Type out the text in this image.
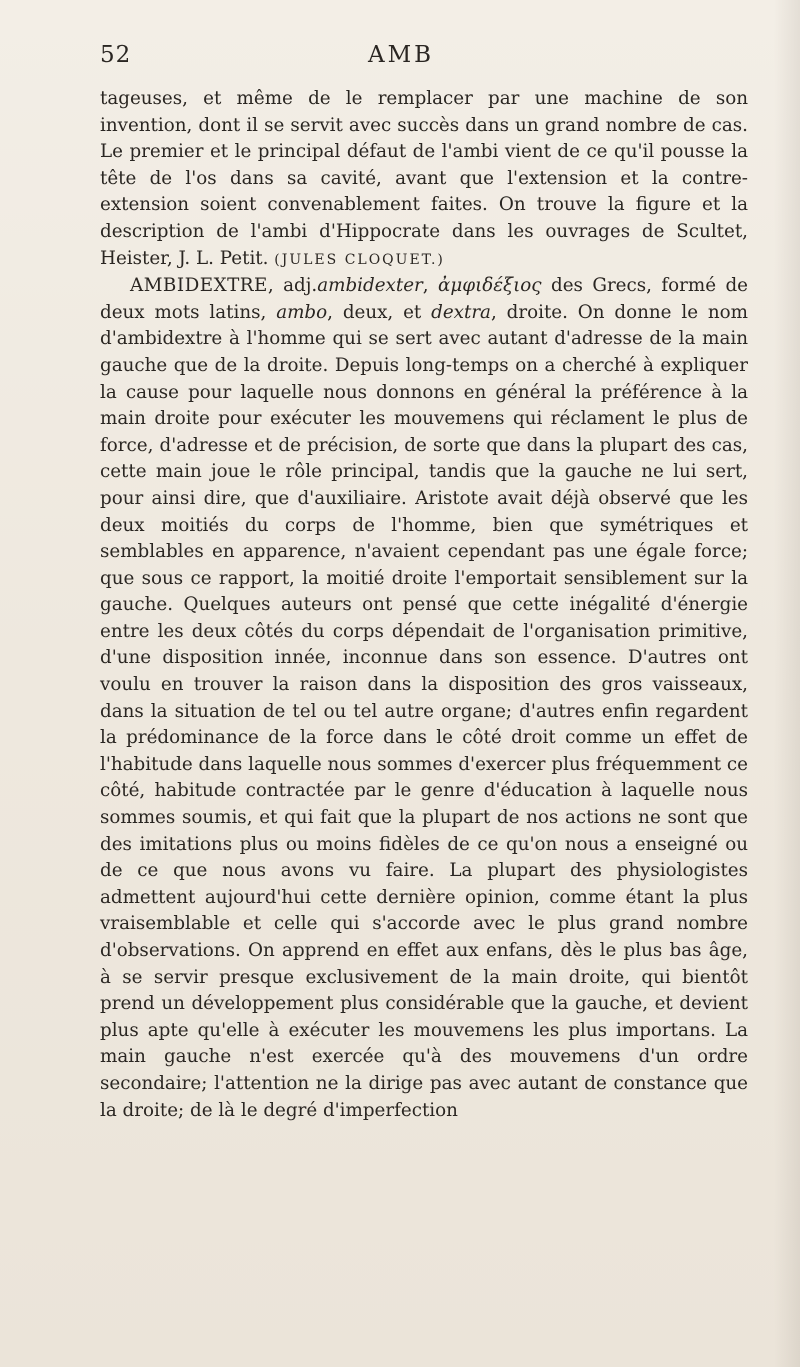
52	AMB

tageuses, et même de le remplacer par une machine de son invention, dont il se servit avec succès dans un grand nombre de cas. Le premier et le principal défaut de l'ambi vient de ce qu'il pousse la tête de l'os dans sa cavité, avant que l'extension et la contre-extension soient convenablement faites. On trouve la figure et la description de l'ambi d'Hippocrate dans les ouvrages de Scultet, Heister, J. L. Petit. (JULES CLOQUET.)

AMBIDEXTRE, adj.ambidexter, ἀμφιδέξιος des Grecs, formé de deux mots latins, ambo, deux, et dextra, droite. On donne le nom d'ambidextre à l'homme qui se sert avec autant d'adresse de la main gauche que de la droite. Depuis long-temps on a cherché à expliquer la cause pour laquelle nous donnons en général la préférence à la main droite pour exécuter les mouvemens qui réclament le plus de force, d'adresse et de précision, de sorte que dans la plupart des cas, cette main joue le rôle principal, tandis que la gauche ne lui sert, pour ainsi dire, que d'auxiliaire. Aristote avait déjà observé que les deux moitiés du corps de l'homme, bien que symétriques et semblables en apparence, n'avaient cependant pas une égale force; que sous ce rapport, la moitié droite l'emportait sensiblement sur la gauche. Quelques auteurs ont pensé que cette inégalité d'énergie entre les deux côtés du corps dépendait de l'organisation primitive, d'une disposition innée, inconnue dans son essence. D'autres ont voulu en trouver la raison dans la disposition des gros vaisseaux, dans la situation de tel ou tel autre organe; d'autres enfin regardent la prédominance de la force dans le côté droit comme un effet de l'habitude dans laquelle nous sommes d'exercer plus fréquemment ce côté, habitude contractée par le genre d'éducation à laquelle nous sommes soumis, et qui fait que la plupart de nos actions ne sont que des imitations plus ou moins fidèles de ce qu'on nous a enseigné ou de ce que nous avons vu faire. La plupart des physiologistes admettent aujourd'hui cette dernière opinion, comme étant la plus vraisemblable et celle qui s'accorde avec le plus grand nombre d'observations. On apprend en effet aux enfans, dès le plus bas âge, à se servir presque exclusivement de la main droite, qui bientôt prend un développement plus considérable que la gauche, et devient plus apte qu'elle à exécuter les mouvemens les plus importans. La main gauche n'est exercée qu'à des mouvemens d'un ordre secondaire; l'attention ne la dirige pas avec autant de constance que la droite; de là le degré d'imperfection
